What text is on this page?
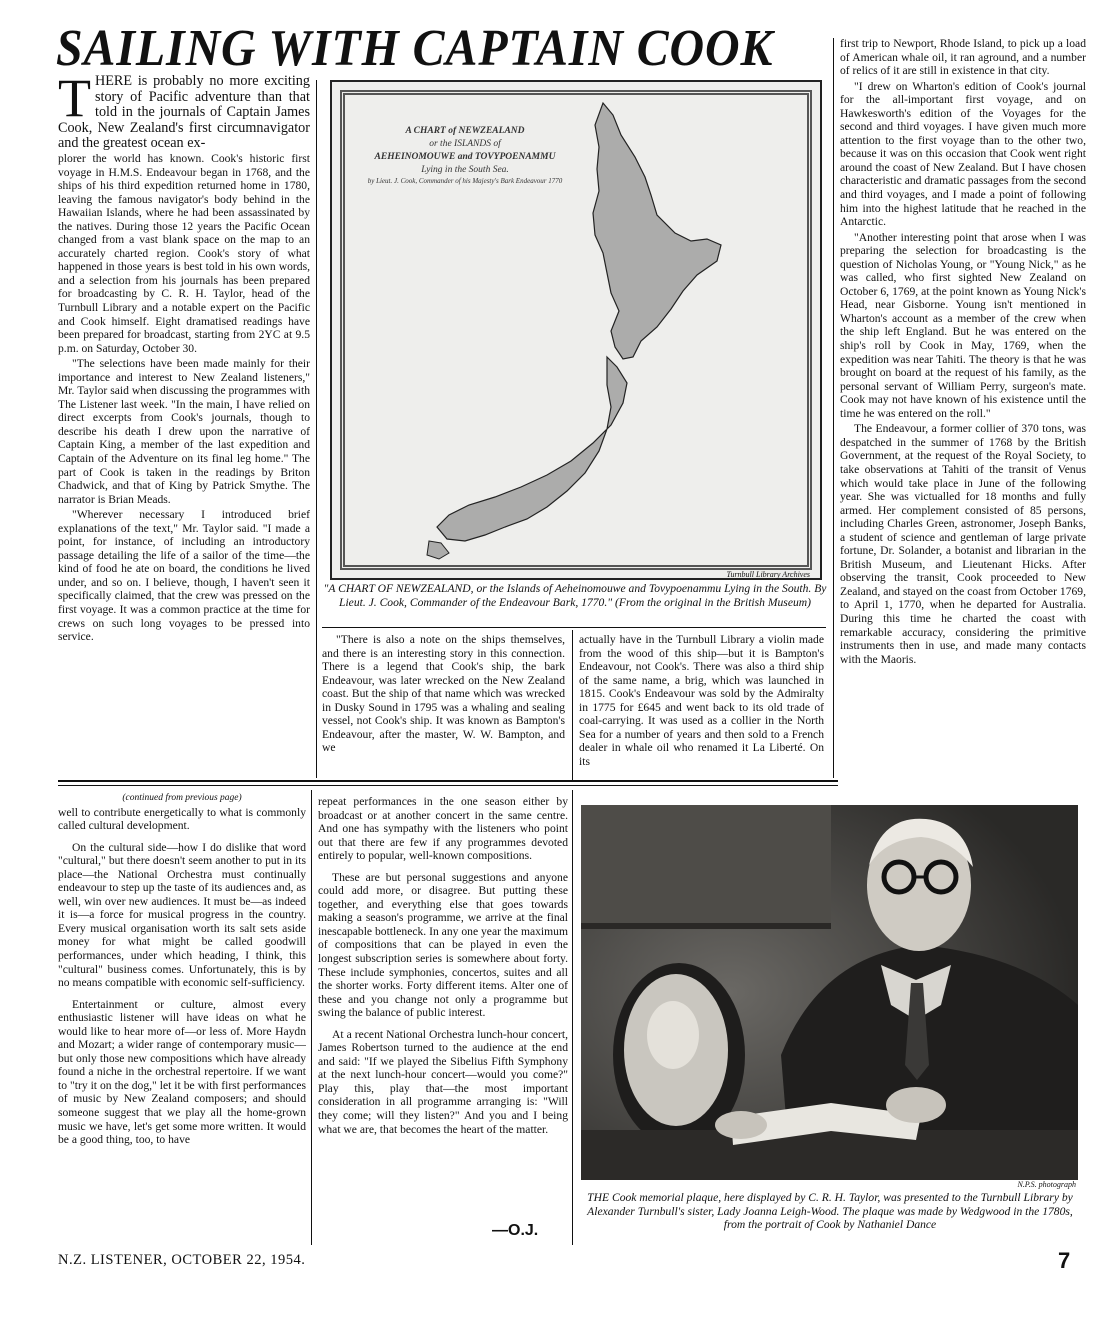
SAILING WITH CAPTAIN COOK
T HERE is probably no more exciting story of Pacific adventure than that told in the journals of Captain James Cook, New Zealand's first circumnavigator and the greatest ocean ex-

plorer the world has known. Cook's historic first voyage in H.M.S. Endeavour began in 1768, and the ships of his third expedition returned home in 1780, leaving the famous navigator's body behind in the Hawaiian Islands, where he had been assassinated by the natives. During those 12 years the Pacific Ocean changed from a vast blank space on the map to an accurately charted region. Cook's story of what happened in those years is best told in his own words, and a selection from his journals has been prepared for broadcasting by C. R. H. Taylor, head of the Turnbull Library and a notable expert on the Pacific and Cook himself. Eight dramatised readings have been prepared for broadcast, starting from 2YC at 9.5 p.m. on Saturday, October 30.

"The selections have been made mainly for their importance and interest to New Zealand listeners," Mr. Taylor said when discussing the programmes with The Listener last week. "In the main, I have relied on direct excerpts from Cook's journals, though to describe his death I drew upon the narrative of Captain King, a member of the last expedition and Captain of the Adventure on its final leg home." The part of Cook is taken in the readings by Briton Chadwick, and that of King by Patrick Smythe. The narrator is Brian Meads.

"Wherever necessary I introduced brief explanations of the text," Mr. Taylor said. "I made a point, for instance, of including an introductory passage detailing the life of a sailor of the time—the kind of food he ate on board, the conditions he lived under, and so on. I believe, though, I haven't seen it specifically claimed, that the crew was pressed on the first voyage. It was a common practice at the time for crews on such long voyages to be pressed into service.

A CHART of NEWZEALAND
or the ISLANDS of
AEHEINOMOUWE and TOVYPOENAMMU
Lying in the South Sea.
by Lieut. J. Cook, Commander of his Majesty's Bark Endeavour 1770
Turnbull Library Archives
"A CHART OF NEWZEALAND, or the Islands of Aeheinomouwe and Tovypoenammu Lying in the South. By Lieut. J. Cook, Commander of the Endeavour Bark, 1770." (From the original in the British Museum)

"There is also a note on the ships themselves, and there is an interesting story in this connection. There is a legend that Cook's ship, the bark Endeavour, was later wrecked on the New Zealand coast. But the ship of that name which was wrecked in Dusky Sound in 1795 was a whaling and sealing vessel, not Cook's ship. It was known as Bampton's Endeavour, after the master, W. W. Bampton, and we

actually have in the Turnbull Library a violin made from the wood of this ship—but it is Bampton's Endeavour, not Cook's. There was also a third ship of the same name, a brig, which was launched in 1815. Cook's Endeavour was sold by the Admiralty in 1775 for £645 and went back to its old trade of coal-carrying. It was used as a collier in the North Sea for a number of years and then sold to a French dealer in whale oil who renamed it La Liberté. On its

first trip to Newport, Rhode Island, to pick up a load of American whale oil, it ran aground, and a number of relics of it are still in existence in that city.

"I drew on Wharton's edition of Cook's journal for the all-important first voyage, and on Hawkesworth's edition of the Voyages for the second and third voyages. I have given much more attention to the first voyage than to the other two, because it was on this occasion that Cook went right around the coast of New Zealand. But I have chosen characteristic and dramatic passages from the second and third voyages, and I made a point of following him into the highest latitude that he reached in the Antarctic.

"Another interesting point that arose when I was preparing the selection for broadcasting is the question of Nicholas Young, or "Young Nick," as he was called, who first sighted New Zealand on October 6, 1769, at the point known as Young Nick's Head, near Gisborne. Young isn't mentioned in Wharton's account as a member of the crew when the ship left England. But he was entered on the ship's roll by Cook in May, 1769, when the expedition was near Tahiti. The theory is that he was brought on board at the request of his family, as the personal servant of William Perry, surgeon's mate. Cook may not have known of his existence until the time he was entered on the roll."

The Endeavour, a former collier of 370 tons, was despatched in the summer of 1768 by the British Government, at the request of the Royal Society, to take observations at Tahiti of the transit of Venus which would take place in June of the following year. She was victualled for 18 months and fully armed. Her complement consisted of 85 persons, including Charles Green, astronomer, Joseph Banks, a student of science and gentleman of large private fortune, Dr. Solander, a botanist and librarian in the British Museum, and Lieutenant Hicks. After observing the transit, Cook proceeded to New Zealand, and stayed on the coast from October 1769, to April 1, 1770, when he departed for Australia. During this time he charted the coast with remarkable accuracy, considering the primitive instruments then in use, and made many contacts with the Maoris.

(continued from previous page)

well to contribute energetically to what is commonly called cultural development.

On the cultural side—how I do dislike that word "cultural," but there doesn't seem another to put in its place—the National Orchestra must continually endeavour to step up the taste of its audiences and, as well, win over new audiences. It must be—as indeed it is—a force for musical progress in the country. Every musical organisation worth its salt sets aside money for what might be called goodwill performances, under which heading, I think, this "cultural" business comes. Unfortunately, this is by no means compatible with economic self-sufficiency.

Entertainment or culture, almost every enthusiastic listener will have ideas on what he would like to hear more of—or less of. More Haydn and Mozart; a wider range of contemporary music—but only those new compositions which have already found a niche in the orchestral repertoire. If we want to "try it on the dog," let it be with first performances of music by New Zealand composers; and should someone suggest that we play all the home-grown music we have, let's get some more written. It would be a good thing, too, to have

repeat performances in the one season either by broadcast or at another concert in the same centre. And one has sympathy with the listeners who point out that there are few if any programmes devoted entirely to popular, well-known compositions.

These are but personal suggestions and anyone could add more, or disagree. But putting these together, and everything else that goes towards making a season's programme, we arrive at the final inescapable bottleneck. In any one year the maximum of compositions that can be played in even the longest subscription series is somewhere about forty. These include symphonies, concertos, suites and all the shorter works. Forty different items. Alter one of these and you change not only a programme but swing the balance of public interest.

At a recent National Orchestra lunch-hour concert, James Robertson turned to the audience at the end and said: "If we played the Sibelius Fifth Symphony at the next lunch-hour concert—would you come?" Play this, play that—the most important consideration in all programme arranging is: "Will they come; will they listen?" And you and I being what we are, that becomes the heart of the matter.

—O.J.
N.P.S. photograph
THE Cook memorial plaque, here displayed by C. R. H. Taylor, was presented to the Turnbull Library by Alexander Turnbull's sister, Lady Joanna Leigh-Wood. The plaque was made by Wedgwood in the 1780s, from the portrait of Cook by Nathaniel Dance
N.Z. LISTENER, OCTOBER 22, 1954.	7
